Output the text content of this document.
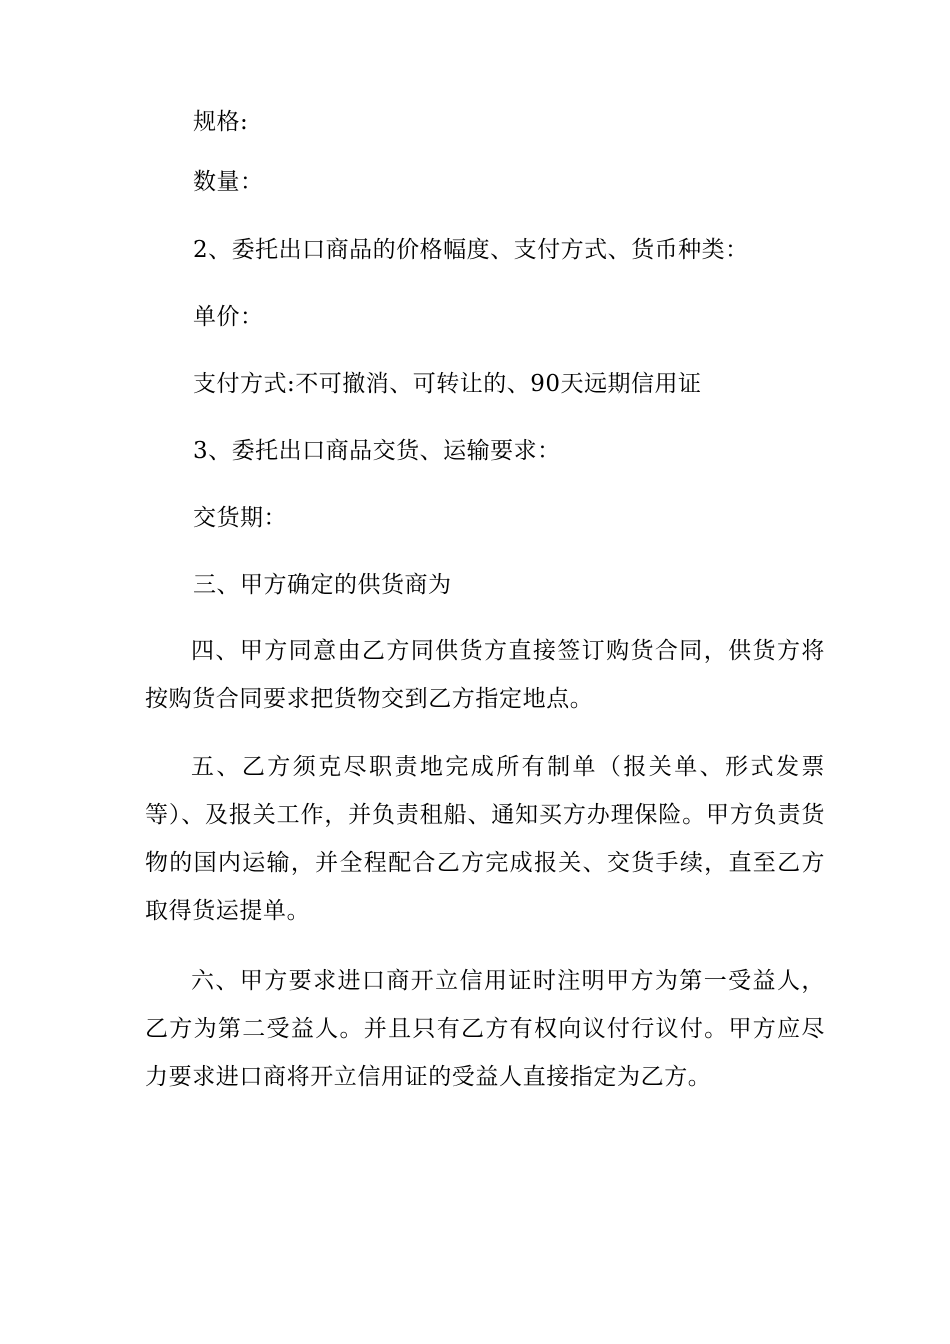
规格:
数量：
2、委托出口商品的价格幅度、支付方式、货币种类：
单价：
支付方式:不可撤消、可转让的、90天远期信用证
3、委托出口商品交货、运输要求：
交货期：
三、甲方确定的供货商为
四、甲方同意由乙方同供货方直接签订购货合同，供货方将按购货合同要求把货物交到乙方指定地点。
五、乙方须克尽职责地完成所有制单（报关单、形式发票等）、及报关工作，并负责租船、通知买方办理保险。甲方负责货物的国内运输，并全程配合乙方完成报关、交货手续，直至乙方取得货运提单。
六、甲方要求进口商开立信用证时注明甲方为第一受益人，乙方为第二受益人。并且只有乙方有权向议付行议付。甲方应尽力要求进口商将开立信用证的受益人直接指定为乙方。
